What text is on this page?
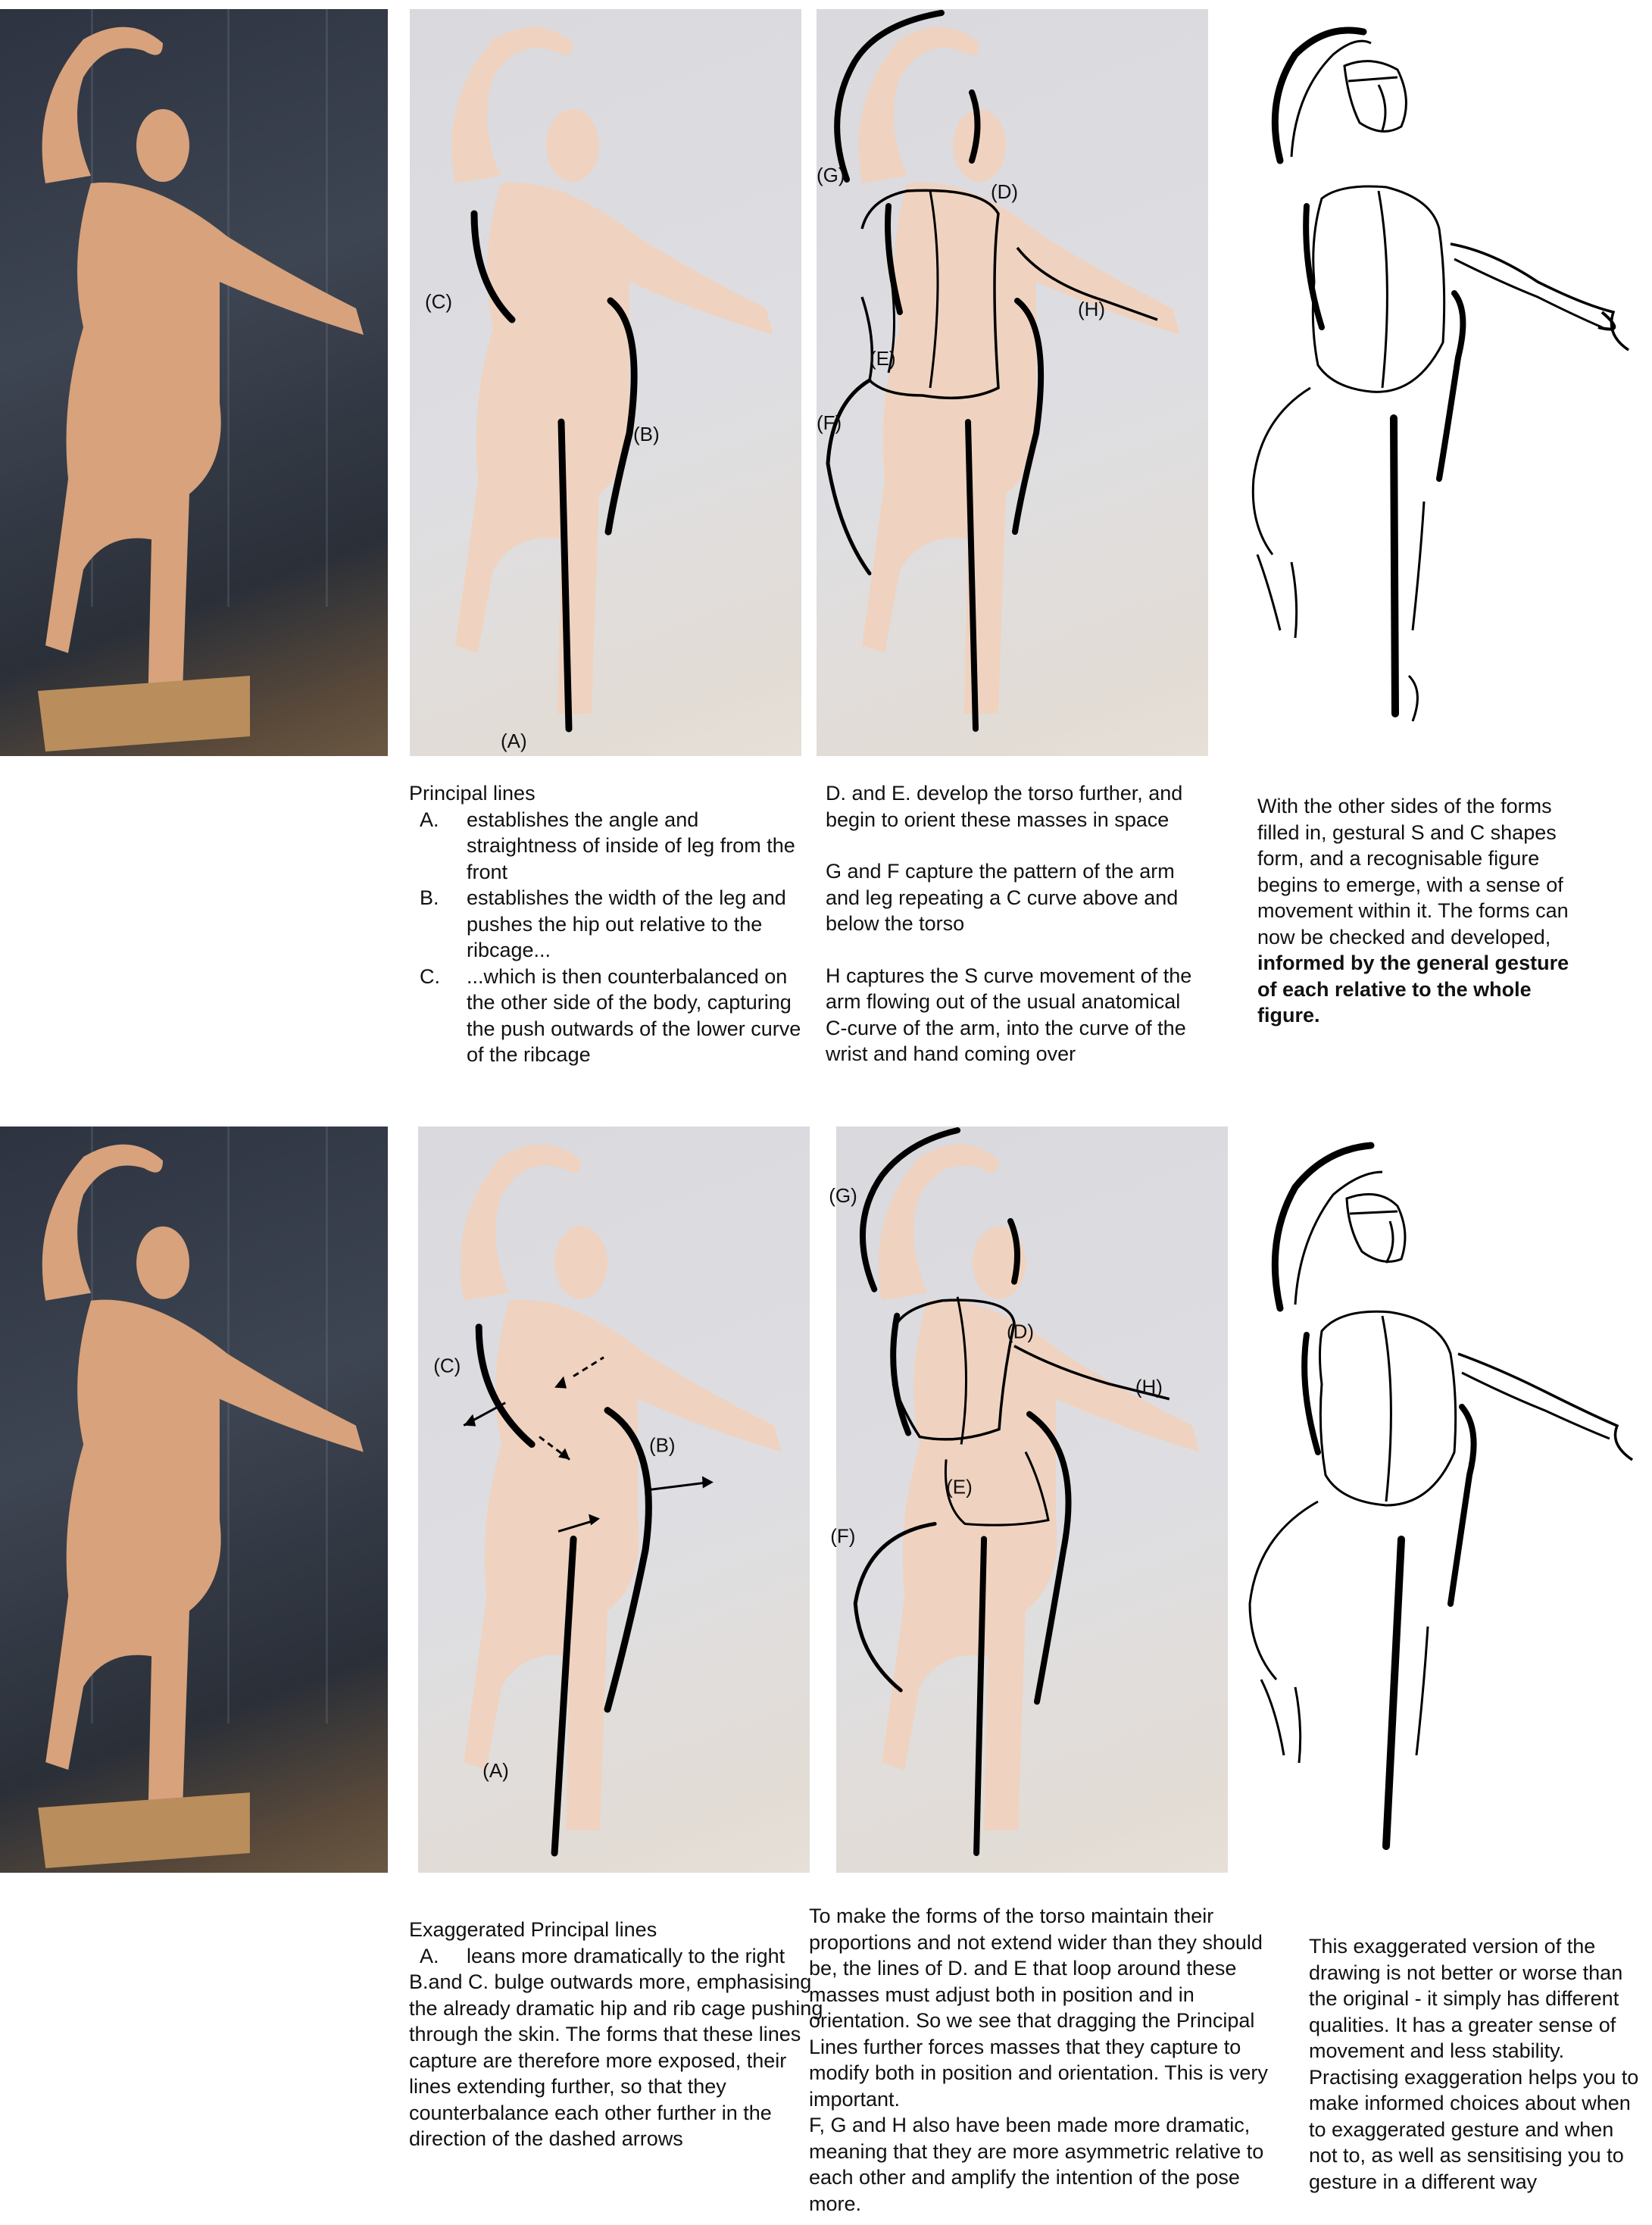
(C)
(B)
(A)
(G)
(D)
(H)
(E)
(F)

Principal lines

A.	establishes the angle and straightness of inside of leg from the front
B.	establishes the width of the leg and pushes the hip out relative to the ribcage...
C.	...which is then counterbalanced on the other side of the body, capturing the push outwards of the lower curve of the ribcage

D. and E. develop the torso further, and begin to orient these masses in space

G and F capture the pattern of the arm and leg repeating a C curve above and below the torso

H captures the S curve movement of the arm flowing out of the usual anatomical C-curve of the arm, into the curve of the wrist and hand coming over

With the other sides of the forms filled in, gestural S and C shapes form, and a recognisable figure begins to emerge, with a sense of movement within it. The forms can now be checked and developed, informed by the general gesture of each relative to the whole figure.

(C)
(B)
(A)
(G)
(D)
(H)
(E)
(F)

Exaggerated Principal lines

A.	leans more dramatically to the right

B.and C. bulge outwards more, emphasising the already dramatic hip and rib cage pushing through the skin. The forms that these lines capture are therefore more exposed, their lines extending further, so that they counterbalance each other further in the direction of the dashed arrows

To make the forms of the torso maintain their proportions and not extend wider than they should be, the lines of D. and E that loop around these masses must adjust both in position and in orientation. So we see that dragging the Principal Lines further forces masses that they capture to modify both in position and orientation. This is very important.

F, G and H also have been made more dramatic, meaning that they are more asymmetric relative to each other and amplify the intention of the pose more.

This exaggerated version of the drawing is not better or worse than the original - it simply has different qualities. It has a greater sense of movement and less stability. Practising exaggeration helps you to make informed choices about when to exaggerated gesture and when not to, as well as sensitising you to gesture in a different way
